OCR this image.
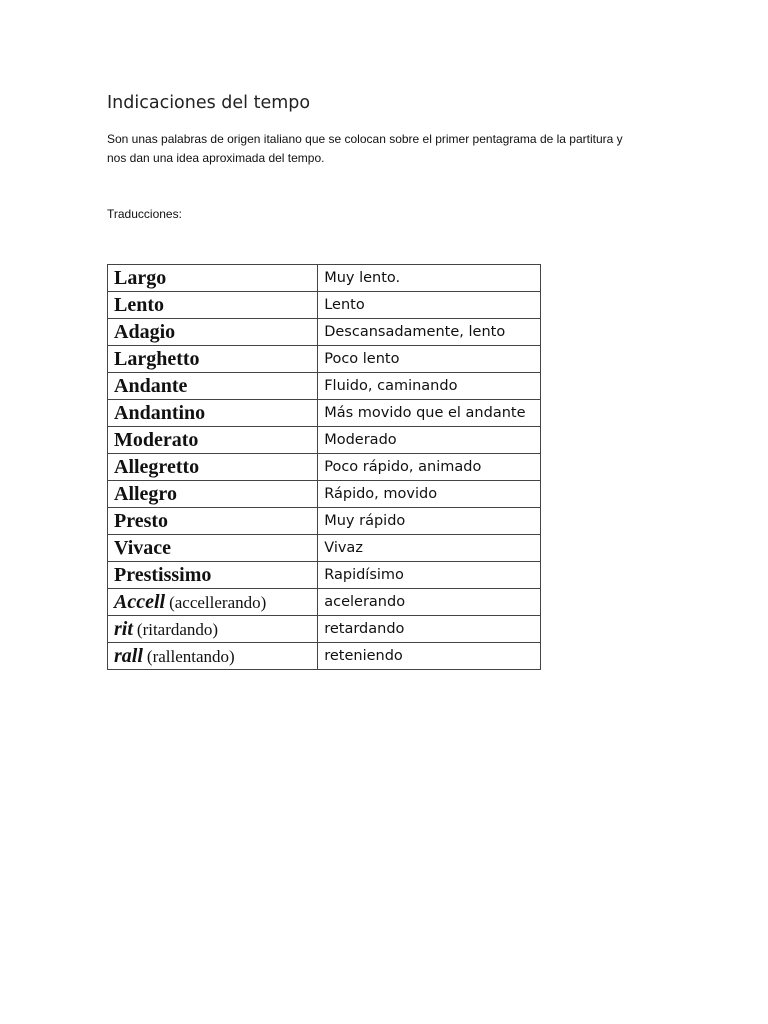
Indicaciones del tempo

Son unas palabras de origen italiano que se colocan sobre el primer pentagrama de la partitura y
nos dan una idea aproximada del tempo.

Traducciones:

Largo	Muy lento.
Lento	Lento
Adagio	Descansadamente, lento
Larghetto	Poco lento
Andante	Fluido, caminando
Andantino	Más movido que el andante
Moderato	Moderado
Allegretto	Poco rápido, animado
Allegro	Rápido, movido
Presto	Muy rápido
Vivace	Vivaz
Prestissimo	Rapidísimo
Accell (accellerando)	acelerando
rit (ritardando)	retardando
rall (rallentando)	reteniendo
